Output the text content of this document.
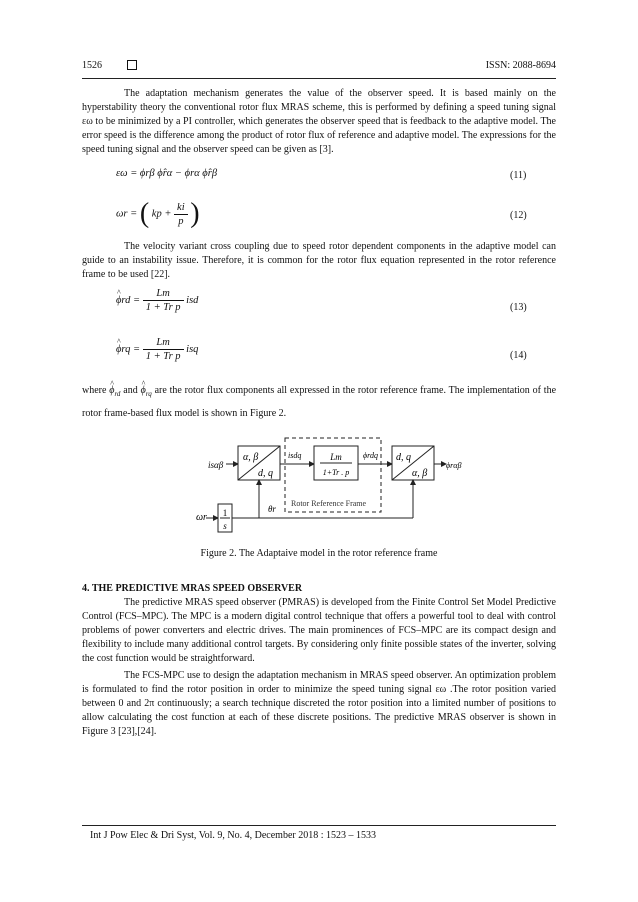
1526	ISSN: 2088-8694

The adaptation mechanism generates the value of the observer speed. It is based mainly on the hyperstability theory the conventional rotor flux MRAS scheme, this is performed by defining a speed tuning signal εω to be minimized by a PI controller, which generates the observer speed that is feedback to the adaptive model. The error speed is the difference among the product of rotor flux of reference and adaptive model. The expressions for the speed tuning signal and the observer speed can be given as [3].

εω = ϕrβ ϕ̂rα − ϕrα ϕ̂rβ	(11)
ωr = ( kp + $\frac{ki}{p}$ )	(12)

The velocity variant cross coupling due to speed rotor dependent components in the adaptive model can guide to an instability issue. Therefore, it is common for the rotor flux equation represented in the rotor reference frame to be used [22].

^ $\phi rd = \frac{Lm}{\text{1 + Tr p}}$ isd
(13)
^ $\phi rq = \frac{Lm}{\text{1 + Tr p}}$ isq
(14)

where ^ $\phi_{rd}$ and ^ $\phi_{rq}$ are the rotor flux components all expressed in the rotor reference frame. The implementation of the rotor frame-based flux model is shown in Figure 2.

isαβ
α, β
d, q
isdq	Lm
1+Tr . p
ϕrdq d, q
α, β
ϕrαβ
ωr 1
s
θr
Rotor Reference Frame
Figure 2. The Adaptaive model in the rotor reference frame
4. THE PREDICTIVE MRAS SPEED OBSERVER

The predictive MRAS speed observer (PMRAS) is developed from the Finite Control Set Model Predictive Control (FCS–MPC). The MPC is a modern digital control technique that offers a powerful tool to deal with control problems of power converters and electric drives. The main prominences of FCS–MPC are its compact design and flexibility to include many additional control targets. By considering only finite possible states of the inverter, solving the cost function would be straightforward.

The FCS-MPC use to design the adaptation mechanism in MRAS speed observer. An optimization problem is formulated to find the rotor position in order to minimize the speed tuning signal εω .The rotor position varied between 0 and 2π continuously; a search technique discreted the rotor position into a limited number of positions to allow calculating the cost function at each of these discrete positions. The predictive MRAS observer is shown in Figure 3 [23],[24].

Int J Pow Elec & Dri Syst, Vol. 9, No. 4, December 2018 : 1523 – 1533
